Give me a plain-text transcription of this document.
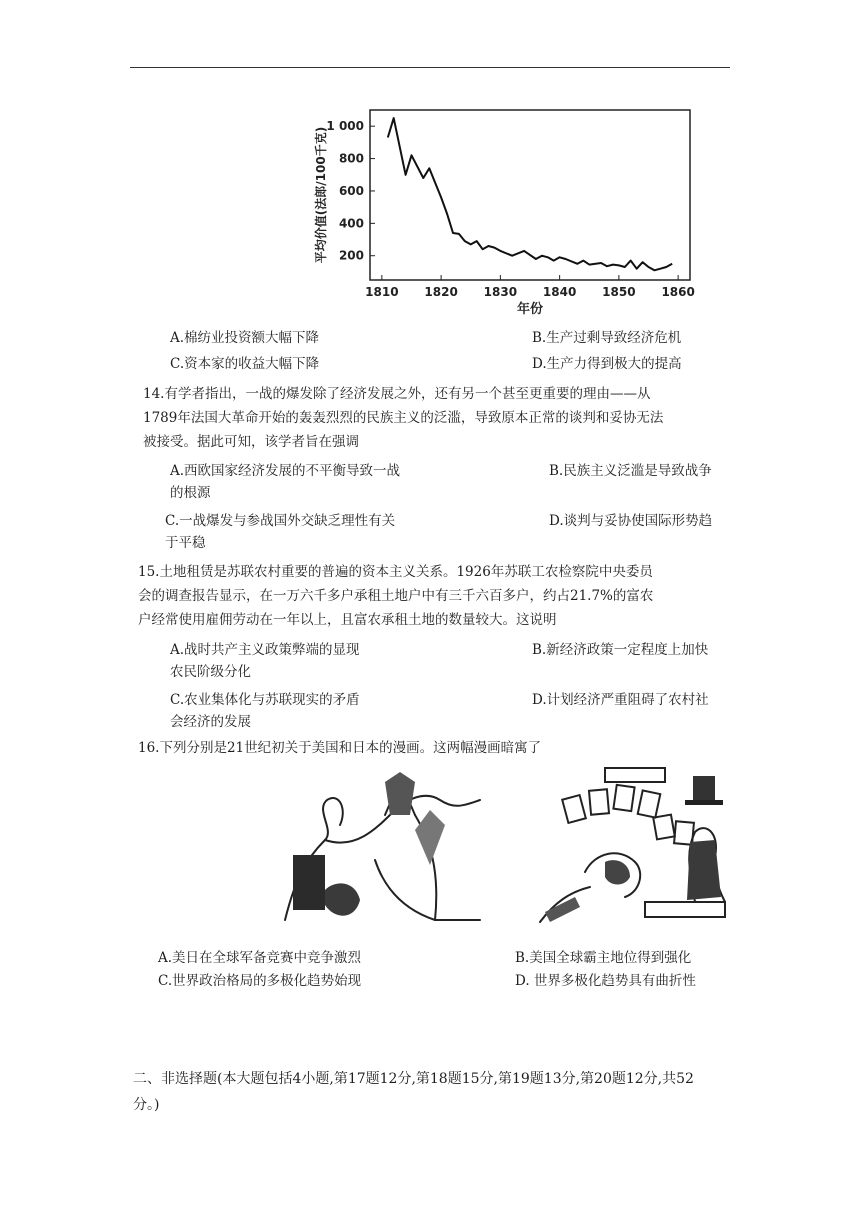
200
400
600
800
1 000
1810 1820 1830 1840 1850 1860
年份
平均价值(法郎/100千克)
A.棉纺业投资额大幅下降	B.生产过剩导致经济危机
C.资本家的收益大幅下降	D.生产力得到极大的提高
14.有学者指出，一战的爆发除了经济发展之外，还有另一个甚至更重要的理由——从
1789年法国大革命开始的轰轰烈烈的民族主义的泛滥，导致原本正常的谈判和妥协无法
被接受。据此可知，该学者旨在强调
A.西欧国家经济发展的不平衡导致一战	B.民族主义泛滥是导致战争
的根源
C.一战爆发与参战国外交缺乏理性有关	D.谈判与妥协使国际形势趋
于平稳
15.土地租赁是苏联农村重要的普遍的资本主义关系。1926年苏联工农检察院中央委员
会的调查报告显示，在一万六千多户承租土地户中有三千六百多户，约占21.7%的富农
户经常使用雇佣劳动在一年以上，且富农承租土地的数量较大。这说明
A.战时共产主义政策弊端的显现	B.新经济政策一定程度上加快
农民阶级分化
C.农业集体化与苏联现实的矛盾	D.计划经济严重阻碍了农村社
会经济的发展
16.下列分别是21世纪初关于美国和日本的漫画。这两幅漫画暗寓了
A.美日在全球军备竞赛中竞争激烈	B.美国全球霸主地位得到强化
C.世界政治格局的多极化趋势始现	D. 世界多极化趋势具有曲折性
二、非选择题(本大题包括4小题,第17题12分,第18题15分,第19题13分,第20题12分,共52
分。)
